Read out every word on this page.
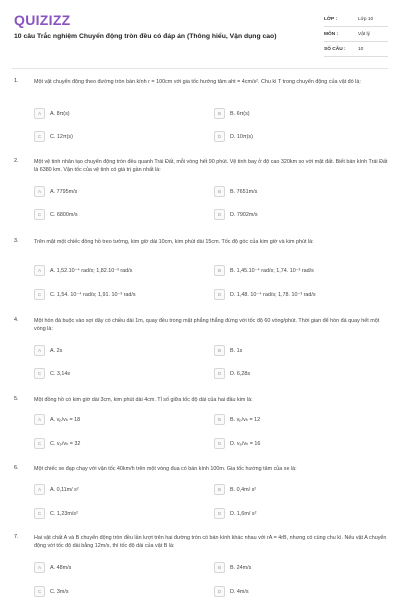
QUIZIZZ
10 câu Trắc nghiệm Chuyển động tròn đều có đáp án (Thông hiểu, Vận dụng cao)
LỚP :	Lớp 10
MÔN :	Vật lý
SỐ CÂU :	10
1.	Một vật chuyển động theo đường tròn bán kính r = 100cm với gia tốc hướng tâm aht = 4cm/s². Chu kì T trong chuyển động của vật đó là:
A	A. 8π(s)	B	B. 6π(s)
C	C. 12π(s)	D	D. 10π(s)
2.	Một vệ tinh nhân tạo chuyển động tròn đều quanh Trái Đất, mỗi vòng hết 90 phút. Vệ tinh bay ở độ cao 320km so với mặt đất. Biết bán kính Trái Đất là 6380 km. Vận tốc của vệ tinh có giá trị gần nhất là:
A	A. 7795m/s	B	B. 7651m/s
C	C. 6800m/s	D	D. 7902m/s
3.	Trên mặt một chiếc đồng hồ treo tường, kim giờ dài 10cm, kim phút dài 15cm. Tốc độ góc của kim giờ và kim phút là:
A	A. 1,52.10⁻⁴ rad/s; 1,82.10⁻³ rad/s	B	B. 1,45.10⁻⁴ rad/s; 1,74. 10⁻³ rad/s
C	C. 1,54. 10⁻⁴ rad/s; 1,91. 10⁻³ rad/s	D	D. 1,48. 10⁻⁴ rad/s; 1,78. 10⁻³ rad/s
4.	Một hòn đá buộc vào sợi dây có chiều dài 1m, quay đều trong mặt phẳng thẳng đứng với tốc độ 60 vòng/phút. Thời gian để hòn đá quay hết một vòng là:
A	A. 2s	B	B. 1s
C	C. 3,14s	D	D. 6,28s
5.	Một đồng hồ có kim giờ dài 3cm, kim phút dài 4cm. Tỉ số giữa tốc độ dài của hai đầu kim là:
A	A. vₚ/vₕ = 18	B	B. vₚ/vₕ = 12
C	C. vₚ/vₕ = 32	D	D. vₚ/vₕ = 16
6.	Một chiếc xe đạp chạy với vận tốc 40km/h trên một vòng đua có bán kính 100m. Gia tốc hướng tâm của xe là:
A	A. 0,11m/ s²	B	B. 0,4m/ s²
C	C. 1,23m/s²	D	D. 1,6m/ s²
7.	Hai vật chất A và B chuyển động tròn đều lần lượt trên hai đường tròn có bán kính khác nhau với rA = 4rB, nhưng có cùng chu kì. Nếu vật A chuyển động với tốc độ dài bằng 12m/s, thì tốc độ dài của vật B là:
A	A. 48m/s	B	B. 24m/s
C	C. 3m/s	D	D. 4m/s
